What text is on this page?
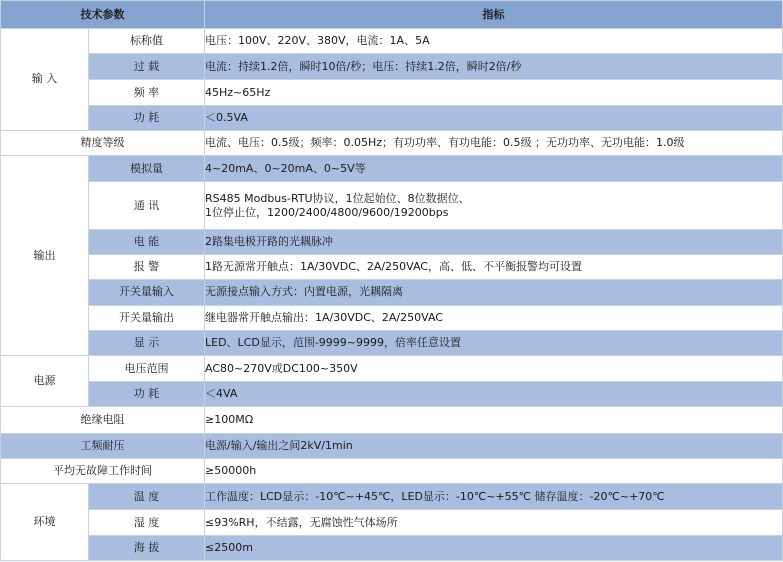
技术参数		指标
输 入	标称值	电压：100V、220V、380V，电流：1A、5A
	过 载	电流：持续1.2倍，瞬时10倍/秒；电压：持续1.2倍，瞬时2倍/秒
	频 率	45Hz~65Hz
	功 耗	＜0.5VA
精度等级		电流、电压：0.5级；频率：0.05Hz；有功功率、有功电能：0.5级 ；无功功率、无功电能：1.0级
输出	模拟量	4~20mA、0~20mA、0~5V等
	通 讯	RS485 Modbus-RTU协议，1位起始位、8位数据位、
1位停止位，1200/2400/4800/9600/19200bps

	电 能	2路集电极开路的光耦脉冲
	报 警	1路无源常开触点：1A/30VDC、2A/250VAC，高、低、不平衡报警均可设置
	开关量输入	无源接点输入方式：内置电源，光耦隔离
	开关量输出	继电器常开触点输出：1A/30VDC、2A/250VAC
	显 示	LED、LCD显示，范围-9999~9999，倍率任意设置
电源	电压范围	AC80~270V或DC100~350V
	功 耗	＜4VA
绝缘电阻		≥100MΩ
工频耐压		电源/输入/输出之间2kV/1min
平均无故障工作时间		≥50000h
环境	温 度	工作温度：LCD显示：-10℃~+45℃，LED显示：-10℃~+55℃ 储存温度：-20℃~+70℃
	湿 度	≤93%RH，不结露，无腐蚀性气体场所
	海 拔	≤2500m
